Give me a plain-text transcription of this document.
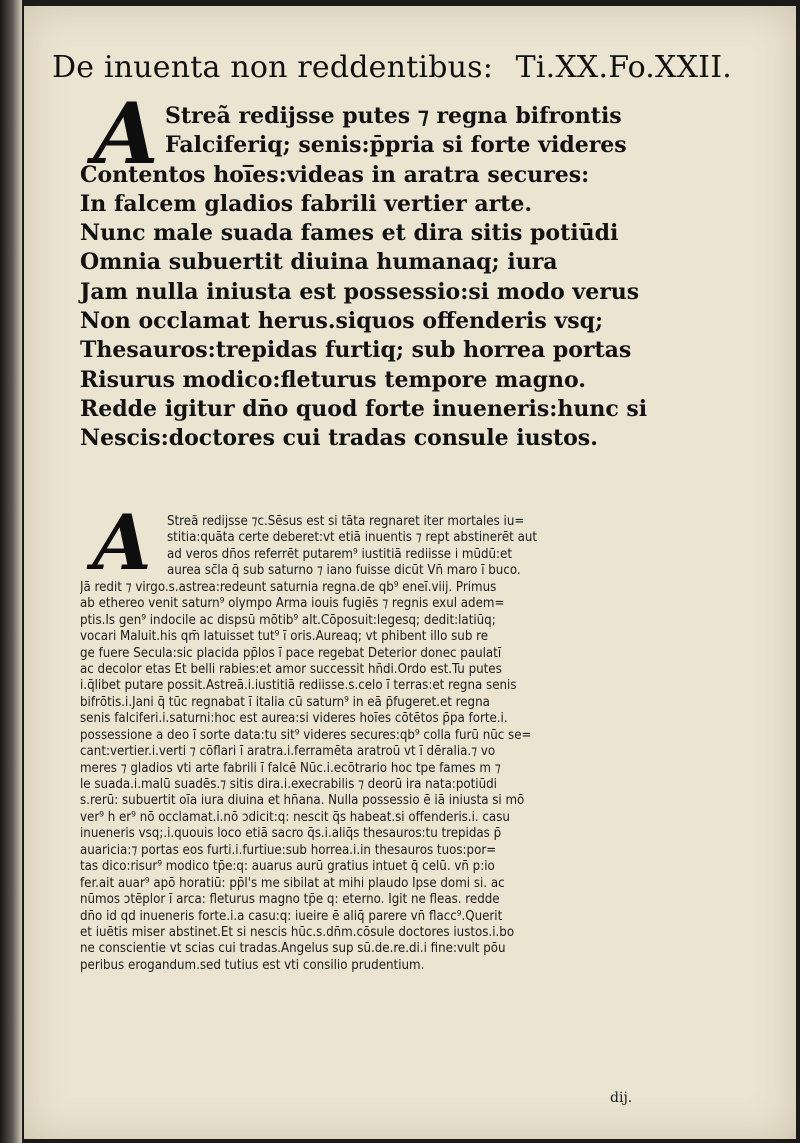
De inuenta non reddentibus: Ti.XX.Fo.XXII.
A Streã redijsse putes ⁊ regna bifrontis
Falciferiq; senis:p̄pria si forte videres
Contentos hoi̅es:videas in aratra secures:
In falcem gladios fabrili vertier arte.
Nunc male suada fames et dira sitis potiūdi
Omnia subuertit diuina humanaq; iura
Jam nulla iniusta est possessio:si modo verus
Non occlamat herus.siquos offenderis vsq;
Thesauros:trepidas furtiq; sub horrea portas
Risurus modico:fleturus tempore magno.
Redde igitur dn̄o quod forte inueneris:hunc si
Nescis:doctores cui tradas consule iustos.
A	Streã redijsse ⁊c.Sēsus est si tāta regnaret iter mortales iu=
stitia:quāta certe deberet:vt etiā inuentis ⁊ rept̄ abstinerēt aut
ad veros dn̄os referrēt putarem⁹ iustitiā rediisse i mūdū:et
aurea sc̄la q̄ sub saturno ⁊ iano fuisse dicūt Vn̄ maro ī buco.
Jā redit ⁊ virgo.s.astrea:redeunt saturnia regna.de qb⁹ eneī.viij. Primus
ab ethereo venit saturn⁹ olympo Arma iouis fugiēs ⁊ regnis exul adem=
ptis.Is gen⁹ indocile ac dispsū mōtib⁹ alt̄.Cōposuit:legesq; dedit:latiūq;
vocari Maluit.his qm̄ latuisset tut⁹ ī oris.Aureaq; vt phibent illo sub re
ge fuere Secula:sic placida pp̄los ī pace regebat Deterior donec paulatī
ac decolor etas Et belli rabies:et amor successit hn̄di.Ordo est.Tu putes
i.q̄libet putare possit.Astreā.i.iustitiā rediisse.s.celo ī terras:et regna senis
bifrōtis.i.Jani q̄ tūc regnabat ī italia cū saturn⁹ in eā p̄fugeret.et regna
senis falciferi.i.saturni:hoc est aurea:si videres hoīes cōtētos p̄pa forte.i.
possessione a deo ī sorte data:tu sit⁹ videres secures:qb⁹ colla furū nūc se=
cant:vertier.i.verti ⁊ cōflari ī aratra.i.ferramēta aratroū vt ī dēralia.⁊ vo
meres ⁊ gladios vti arte fabrili ī falcē Nūc.i.ecōtrario hoc tpe fames m ⁊
le suada.i.malū suadēs.⁊ sitis dira.i.execrabilis ⁊ deorū ira nata:potiūdi
s.rerū: subuertit oīa iura diuina et hn̄ana. Nulla possessio ē iā iniusta si mō
ver⁹ h er⁹ nō occlamat.i.nō ↄdicit:q: nescit q̄s habeat.si offenderis.i. casu
inueneris vsq;.i.quouis loco etiā sacro q̄s.i.aliq̄s thesauros:tu trepidas p̄
auaricia:⁊ portas eos furti.i.furtiue:sub horrea.i.in thesauros tuos:por=
tas dico:risur⁹ modico tp̄e:q: auarus aurū gratius intuet̄ q̄ celū. vn̄ p:io
fer.ait auar⁹ apō horatiū: pp̄l's me sibilat at mihi plaudo Ipse domi si. ac
nūmos ↄtēplor ī arca: fleturus magno tp̄e q: eterno. Igit̄ ne fleas. redde
dn̄o id qd̄ inueneris forte.i.a casu:q: iueire ē aliq̄ parere vn̄ flacc⁹.Querit
et iuētis miser abstinet.Et si nescis hūc.s.dn̄m.cōsule doctores iustos.i.bo
ne conscientie vt scias cui tradas.Angelus sup sū.de.re.di.i fine:vult pōu
peribus erogandum.sed tutius est vti consilio prudentium.
dij.
